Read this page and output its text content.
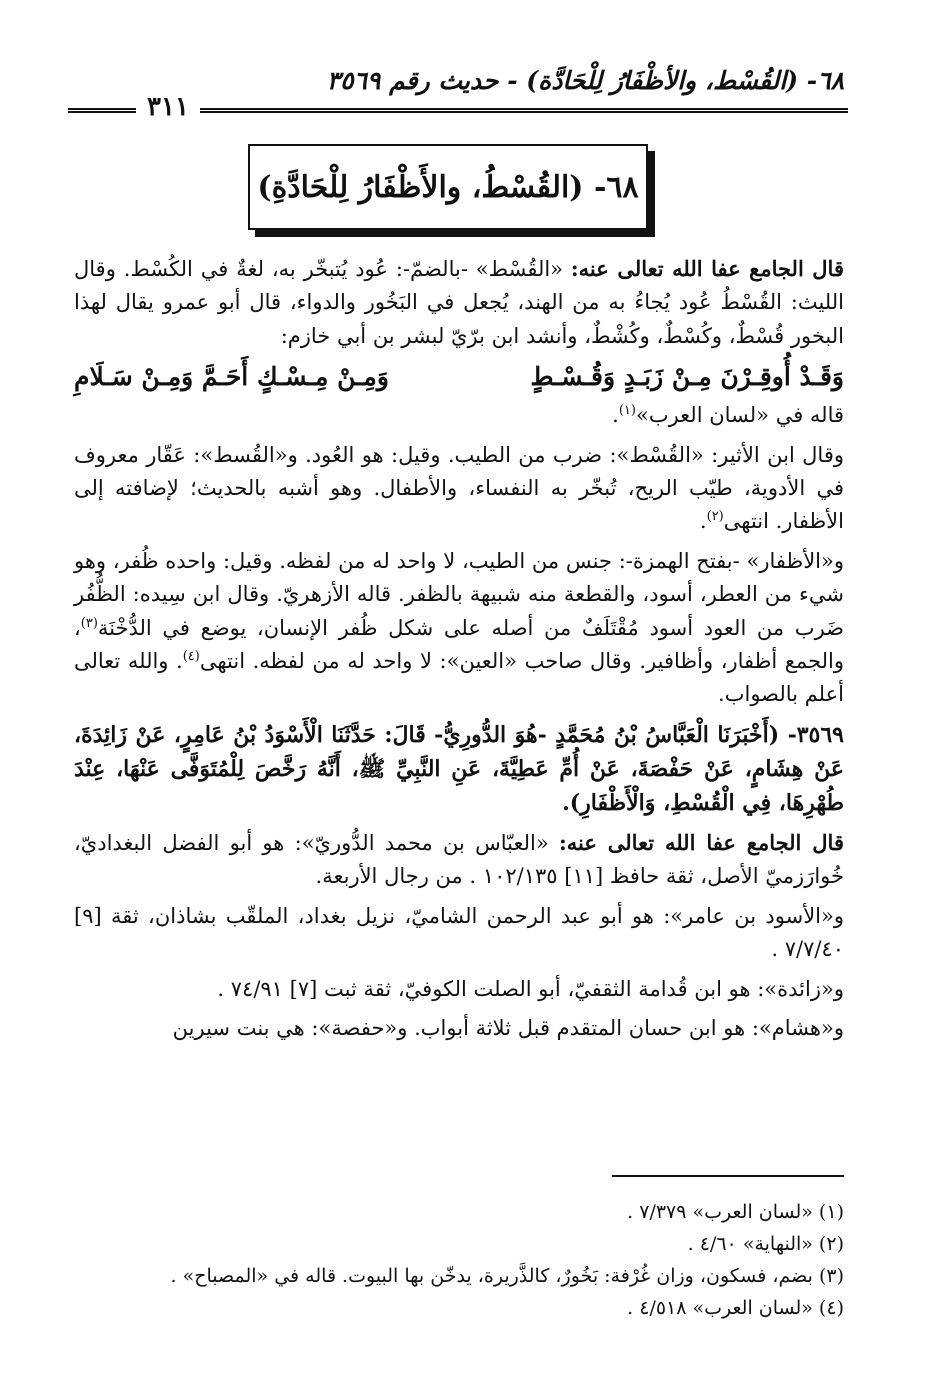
٦٨- (القُسْط، والأظْفَارُ لِلْحَادَّة) - حديث رقم ٣٥٦٩
٣١١
٦٨- (القُسْطُ، والأَظْفَارُ لِلْحَادَّةِ)

قال الجامع عفا الله تعالى عنه: «القُسْط» -بالضمّ-: عُود يُتبخّر به، لغةٌ في الكُسْط. وقال الليث: القُسْطُ عُود يُجاءُ به من الهند، يُجعل في البَخُور والدواء، قال أبو عمرو يقال لهذا البخور قُسْطٌ، وكُسْطٌ، وكُشْطٌ، وأنشد ابن برّيّ لبشر بن أبي خازم:

وَقَـدْ أُوقِـرْنَ مِـنْ زَبَـدٍ وَقُـسْـطٍ
وَمِـنْ مِـسْـكٍ أَحَـمَّ وَمِـنْ سَـلَامِ

قاله في «لسان العرب»$^{(١)}$.

وقال ابن الأثير: «القُسْط»: ضرب من الطيب. وقيل: هو العُود. و«القُسط»: عَقّار معروف في الأدوية، طيّب الريح، تُبخّر به النفساء، والأطفال. وهو أشبه بالحديث؛ لإضافته إلى الأظفار. انتهى$^{(٢)}$.

و«الأظفار» -بفتح الهمزة-: جنس من الطيب، لا واحد له من لفظه. وقيل: واحده ظُفر، وهو شيء من العطر، أسود، والقطعة منه شبيهة بالظفر. قاله الأزهريّ. وقال ابن سِيده: الظُّفُر ضَرب من العود أسود مُقْتَلَفٌ من أصله على شكل ظُفر الإنسان، يوضع في الدُّخْنَة$^{(٣)}$، والجمع أظفار، وأظافير. وقال صاحب «العين»: لا واحد له من لفظه. انتهى$^{(٤)}$. والله تعالى أعلم بالصواب.

٣٥٦٩- (أَخْبَرَنَا الْعَبَّاسُ بْنُ مُحَمَّدٍ -هُوَ الدُّورِيُّ- قَالَ: حَدَّثَنَا الْأَسْوَدُ بْنُ عَامِرٍ، عَنْ زَائِدَةَ، عَنْ هِشَامٍ، عَنْ حَفْصَةَ، عَنْ أُمِّ عَطِيَّةَ، عَنِ النَّبِيِّ ﷺ، أَنَّهُ رَخَّصَ لِلْمُتَوَفَّى عَنْهَا، عِنْدَ طُهْرِهَا، فِي الْقُسْطِ، وَالْأَظْفَارِ).

قال الجامع عفا الله تعالى عنه: «العبّاس بن محمد الدُّوريّ»: هو أبو الفضل البغداديّ، خُوارَزميّ الأصل، ثقة حافظ [١١] ١٠٢/١٣٥ . من رجال الأربعة.

و«الأسود بن عامر»: هو أبو عبد الرحمن الشاميّ، نزيل بغداد، الملقّب بشاذان، ثقة [٩] ٧/٧/٤٠ .

و«زائدة»: هو ابن قُدامة الثقفيّ، أبو الصلت الكوفيّ، ثقة ثبت [٧] ٧٤/٩١ .

و«هشام»: هو ابن حسان المتقدم قبل ثلاثة أبواب. و«حفصة»: هي بنت سيرين

(١) «لسان العرب» ٧/٣٧٩ .
(٢) «النهاية» ٤/٦٠ .
(٣) بضم، فسكون، وزان غُرْفة: بَخُورٌ، كالذَّريرة، يدخّن بها البيوت. قاله في «المصباح» .
(٤) «لسان العرب» ٤/٥١٨ .
